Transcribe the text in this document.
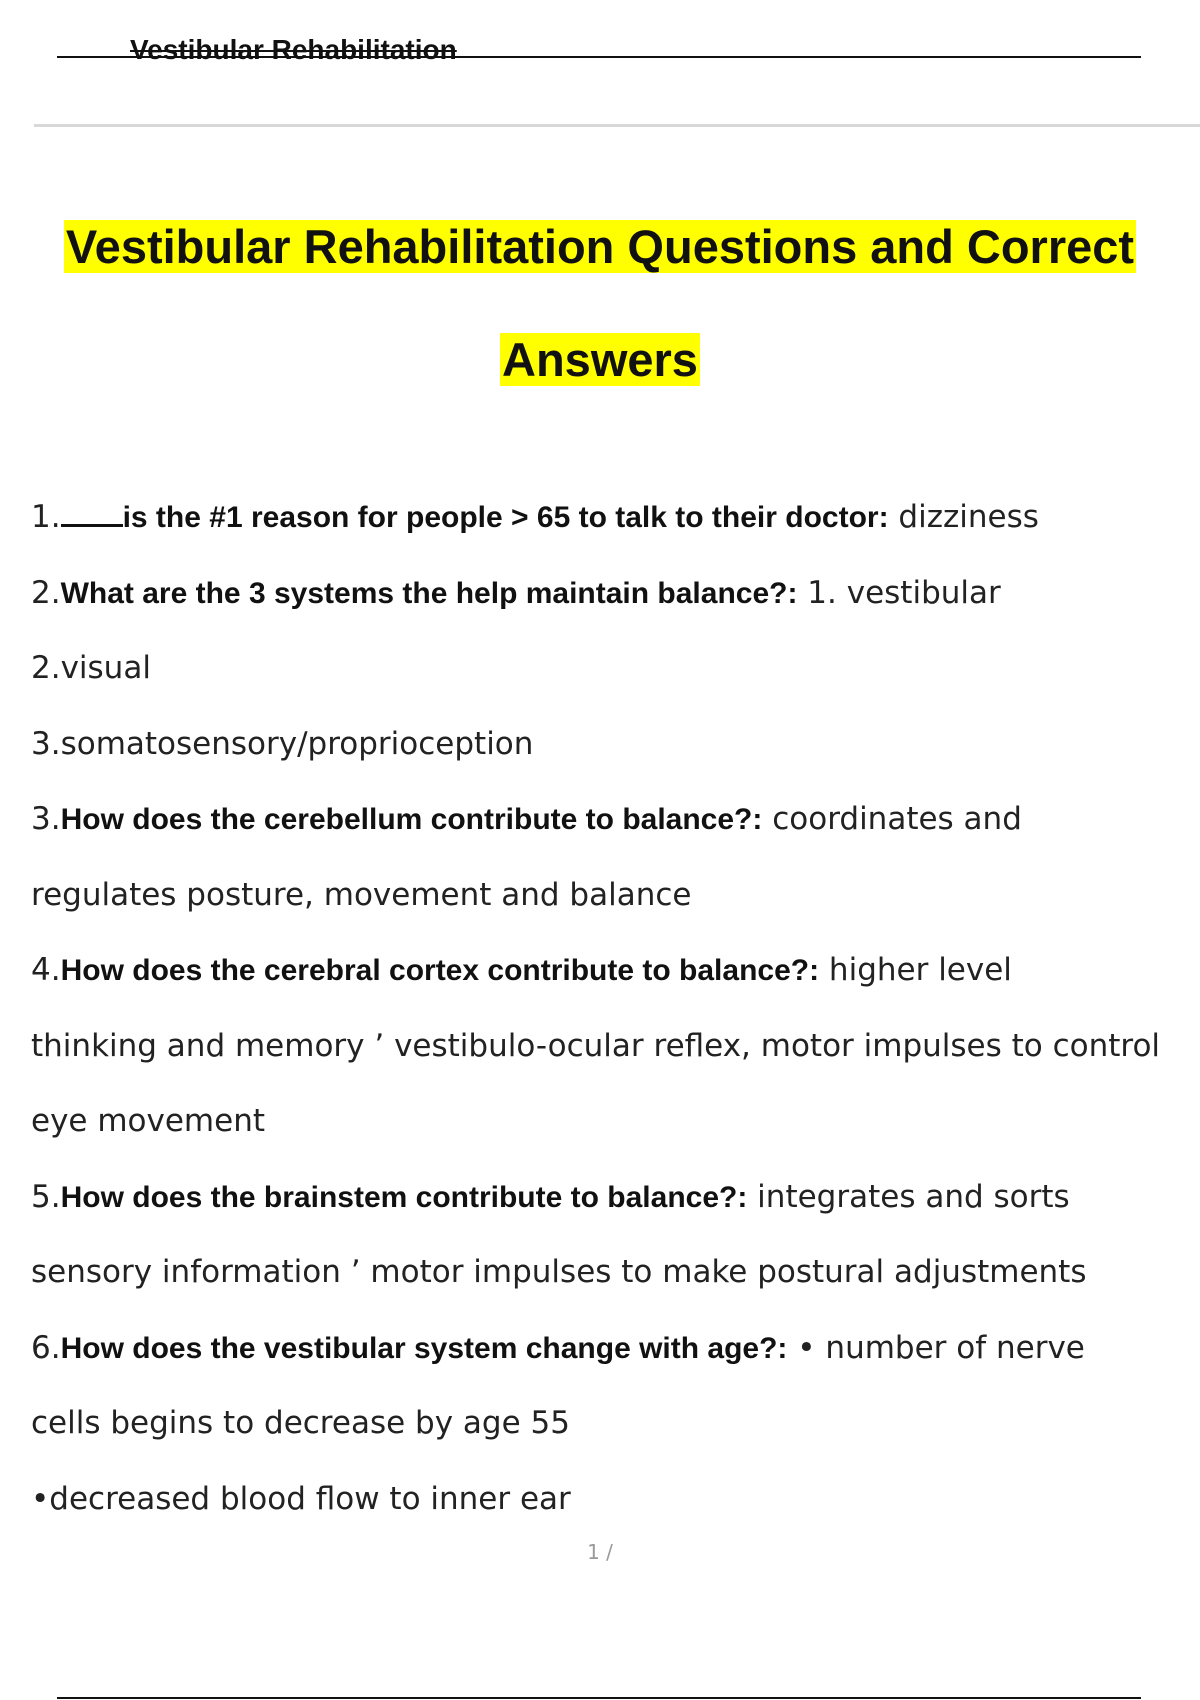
Vestibular Rehabilitation
Vestibular Rehabilitation Questions and Correct
Answers

1. is the #1 reason for people > 65 to talk to their doctor: dizziness

2.What are the 3 systems the help maintain balance?: 1. vestibular

2.visual

3.somatosensory/proprioception

3.How does the cerebellum contribute to balance?: coordinates and

regulates posture, movement and balance

4.How does the cerebral cortex contribute to balance?: higher level

thinking and memory ’ vestibulo-ocular reflex, motor impulses to control

eye movement

5.How does the brainstem contribute to balance?: integrates and sorts

sensory information ’ motor impulses to make postural adjustments

6.How does the vestibular system change with age?: • number of nerve

cells begins to decrease by age 55

•decreased blood flow to inner ear

1 /
